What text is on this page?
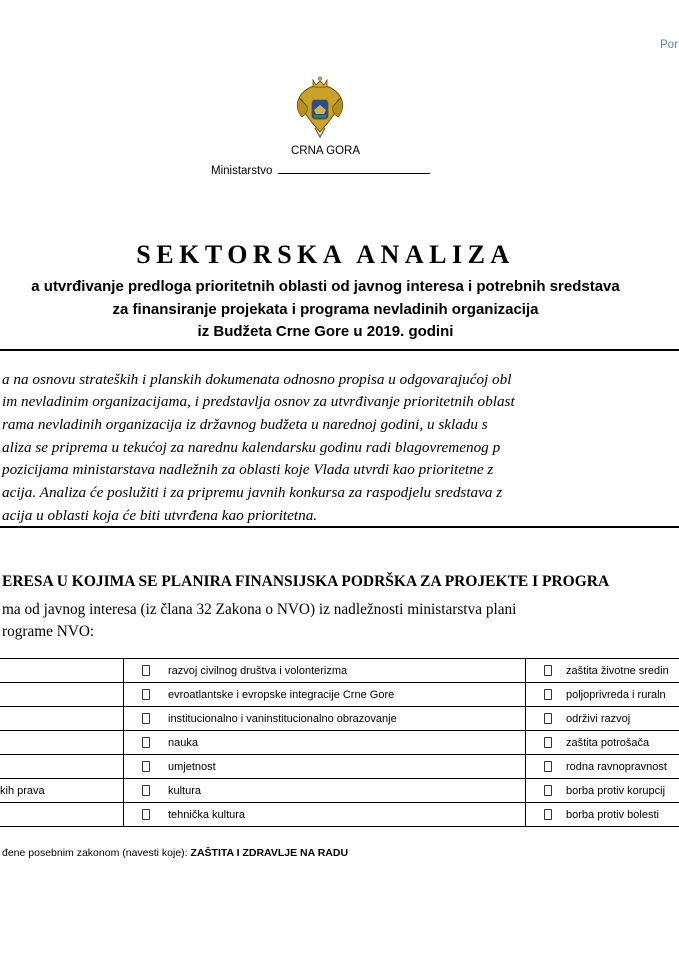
Por
CRNA GORA
Ministarstvo
SEKTORSKA ANALIZA
a utvrđivanje predloga prioritetnih oblasti od javnog interesa i potrebnih sredstava
za finansiranje projekata i programa nevladinih organizacija
iz Budžeta Crne Gore u 2019. godini
a na osnovu strateških i planskih dokumenata odnosno propisa u odgovarajućoj obl
im nevladinim organizacijama, i predstavlja osnov za utvrđivanje prioritetnih oblast
rama nevladinih organizacija iz državnog budžeta u narednoj godini, u skladu s
aliza se priprema u tekućoj za narednu kalendarsku godinu radi blagovremenog p
pozicijama ministarstava nadležnih za oblasti koje Vlada utvrdi kao prioritetne z
acija. Analiza će poslužiti i za pripremu javnih konkursa za raspodjelu sredstava z
acija u oblasti koja će biti utvrđena kao prioritetna.
ERESA U KOJIMA SE PLANIRA FINANSIJSKA PODRŠKA ZA PROJEKTE I PROGRA
ma od javnog interesa (iz člana 32 Zakona o NVO) iz nadležnosti ministarstva plani
rograme NVO:
	razvoj civilnog društva i volonterizma	zaštita životne sredin
	evroatlantske i evropske integracije Crne Gore	poljoprivreda i ruraln
	institucionalno i vaninstitucionalno obrazovanje	održivi razvoj
	nauka	zaštita potrošača
	umjetnost	rodna ravnopravnost
kih prava	kultura	borba protiv korupcij
	tehnička kultura	borba protiv bolesti
đene posebnim zakonom (navesti koje): ZAŠTITA I ZDRAVLJE NA RADU
